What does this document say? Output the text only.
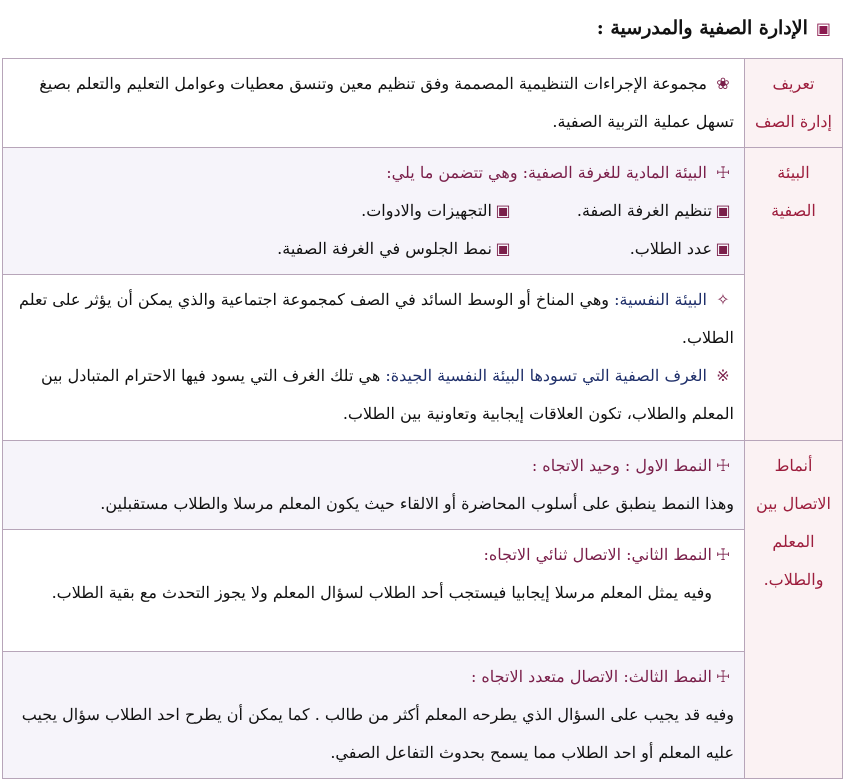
▣
الإدارة الصفية والمدرسية :
تعريف إدارة الصف	❀ مجموعة الإجراءات التنظيمية المصممة وفق تنظيم معين وتنسق معطيات وعوامل التعليم والتعلم بصيغ تسهل عملية التربية الصفية.
البيئة الصفية	☩ البيئة المادية للغرفة الصفية: وهي تتضمن ما يلي:
▣تنظيم الغرفة الصفة.
▣التجهيزات والادوات.
▣عدد الطلاب.
▣نمط الجلوس في الغرفة الصفية.

	✧ البيئة النفسية: وهي المناخ أو الوسط السائد في الصف كمجموعة اجتماعية والذي يمكن أن يؤثر على تعلم الطلاب.
※ الغرف الصفية التي تسودها البيئة النفسية الجيدة: هي تلك الغرف التي يسود فيها الاحترام المتبادل بين المعلم والطلاب، تكون العلاقات إيجابية وتعاونية بين الطلاب.

أنماط الاتصال بين المعلم والطلاب.	☩النمط الاول : وحيد الاتجاه :
وهذا النمط ينطبق على أسلوب المحاضرة أو الالقاء حيث يكون المعلم مرسلا والطلاب مستقبلين.

	☩النمط الثاني: الاتصال ثنائي الاتجاه:
وفيه يمثل المعلم مرسلا إيجابيا فيستجب أحد الطلاب لسؤال المعلم ولا يجوز التحدث مع بقية الطلاب.

	☩النمط الثالث: الاتصال متعدد الاتجاه :
وفيه قد يجيب على السؤال الذي يطرحه المعلم أكثر من طالب . كما يمكن أن يطرح احد الطلاب سؤال يجيب عليه المعلم أو احد الطلاب مما يسمح بحدوث التفاعل الصفي.
